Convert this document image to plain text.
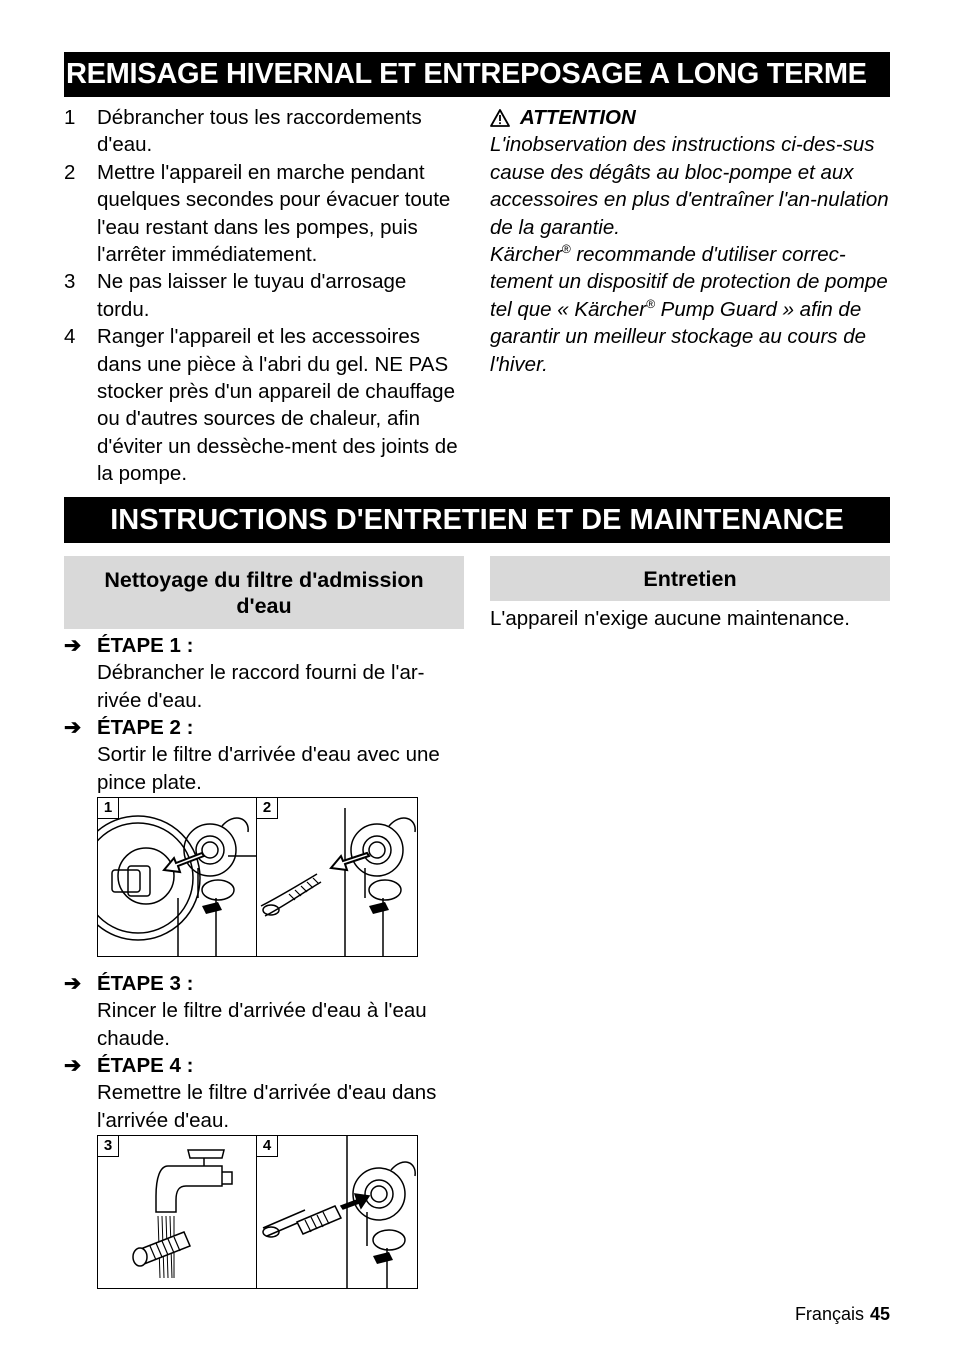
REMISAGE HIVERNAL ET ENTREPOSAGE A LONG TERME
1	Débrancher tous les raccordements d'eau.
2	Mettre l'appareil en marche pendant quelques secondes pour évacuer toute l'eau restant dans les pompes, puis l'arrêter immédiatement.
3	Ne pas laisser le tuyau d'arrosage tordu.
4	Ranger l'appareil et les accessoires dans une pièce à l'abri du gel. NE PAS stocker près d'un appareil de chauffage ou d'autres sources de chaleur, afin d'éviter un dessèche-ment des joints de la pompe.
ATTENTION
L'inobservation des instructions ci-des-sus cause des dégâts au bloc-pompe et aux accessoires en plus d'entraîner l'an-nulation de la garantie.
Kärcher® recommande d'utiliser correc-tement un dispositif de protection de pompe tel que « Kärcher® Pump Guard » afin de garantir un meilleur stockage au cours de l'hiver.
INSTRUCTIONS D'ENTRETIEN ET DE MAINTENANCE
Nettoyage du filtre d'admission d'eau
Entretien
L'appareil n'exige aucune maintenance.
➔ ÉTAPE 1 :
Débrancher le raccord fourni de l'ar-rivée d'eau.
➔ ÉTAPE 2 :
Sortir le filtre d'arrivée d'eau avec une pince plate.
1	2
➔ ÉTAPE 3 :
Rincer le filtre d'arrivée d'eau à l'eau chaude.
➔ ÉTAPE 4 :
Remettre le filtre d'arrivée d'eau dans l'arrivée d'eau.
3	4
Français 45
